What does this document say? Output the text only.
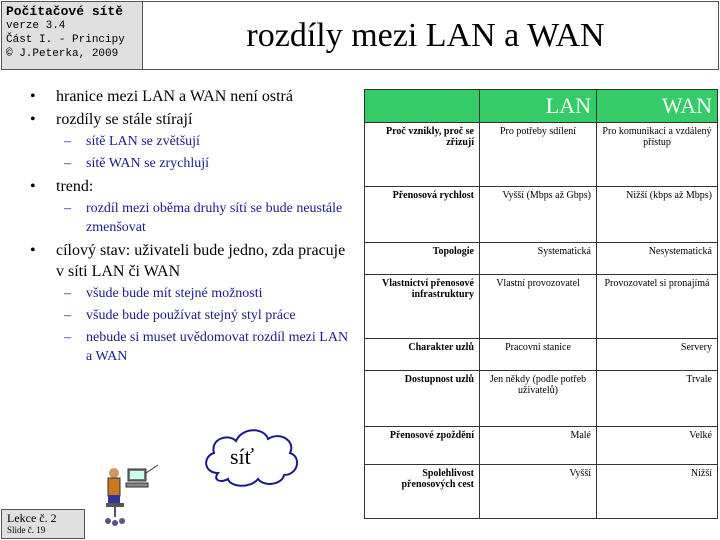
Počítačové sítě
verze 3.4
Část I. - Principy
© J.Peterka, 2009
rozdíly mezi LAN a WAN
• hranice mezi LAN a WAN není ostrá
• rozdíly se stále stírají
– sítě LAN se zvětšují
– sítě WAN se zrychlují
• trend:
– rozdíl mezi oběma druhy sítí se bude neustále zmenšovat
• cílový stav: uživateli bude jedno, zda pracuje v síti LAN či WAN
– všude bude mít stejné možnosti
– všude bude používat stejný styl práce
– nebude si muset uvědomovat rozdíl mezi LAN a WAN
	LAN	WAN
Proč vznikly, proč se zřizují	Pro potřeby sdílení	Pro komunikaci a vzdálený přístup
Přenosová rychlost	Vyšší (Mbps až Gbps)	Nižší (kbps až Mbps)
Topologie	Systematická	Nesystematická
Vlastnictví přenosové infrastruktury	Vlastní provozovatel	Provozovatel si pronajímá
Charakter uzlů	Pracovní stanice	Servery
Dostupnost uzlů	Jen někdy (podle potřeb uživatelů)	Trvale
Přenosové zpoždění	Malé	Velké
Spolehlivost přenosových cest	Vyšší	Nižší
síť
Lekce č. 2
Slide č. 19
